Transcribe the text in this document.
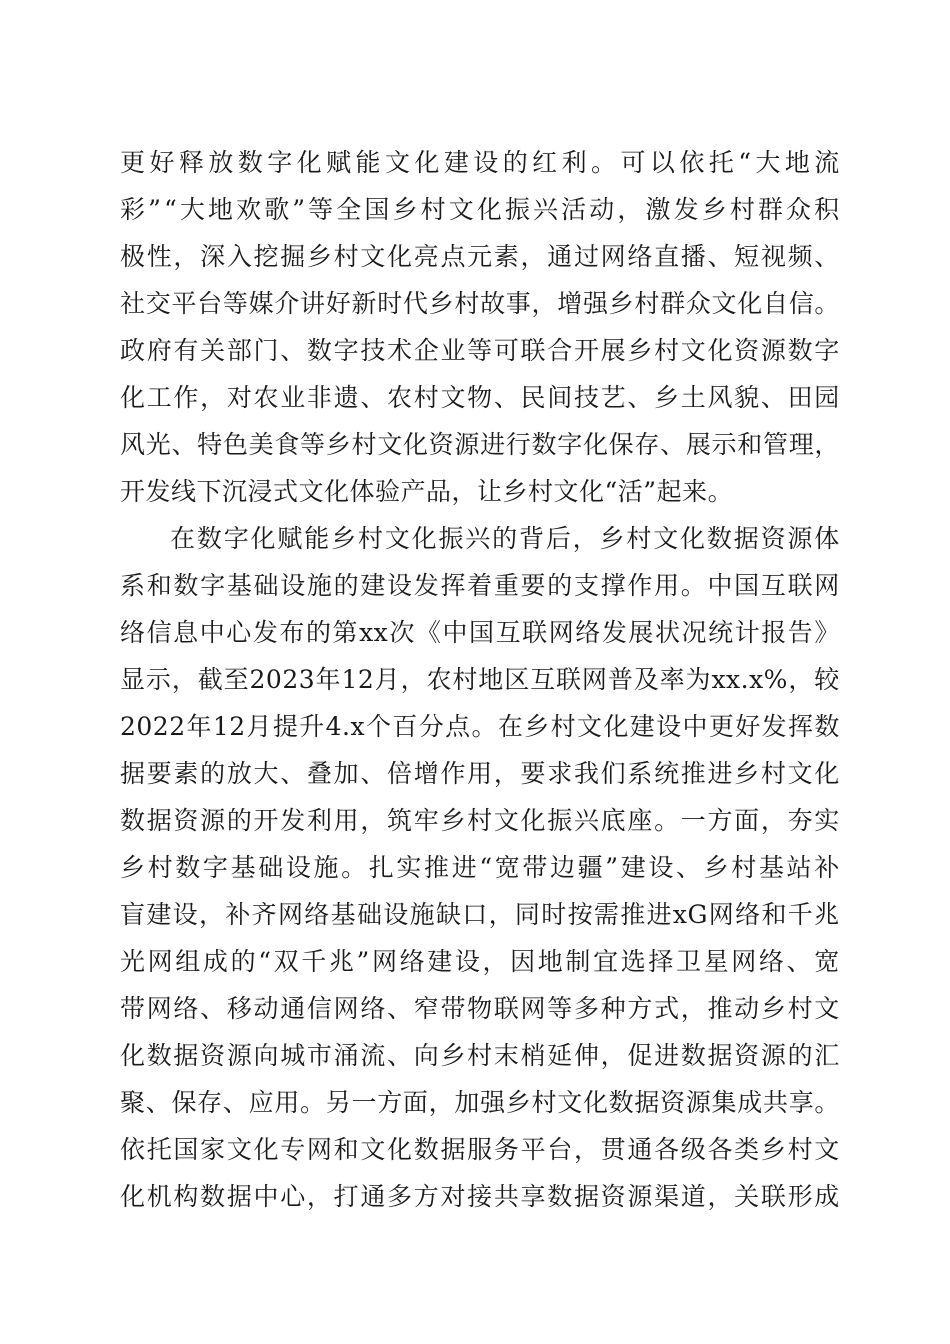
更 好 释 放 数 字 化 赋 能 文 化 建 设 的 红 利 。 可 以 依 托 “ 大 地 流
彩 ” “ 大 地 欢 歌 ” 等 全 国 乡 村 文 化 振 兴 活 动 ， 激 发 乡 村 群 众 积
极 性 ， 深 入 挖 掘 乡 村 文 化 亮 点 元 素 ， 通 过 网 络 直 播 、 短 视 频 、
社 交 平 台 等 媒 介 讲 好 新 时 代 乡 村 故 事 ， 增 强 乡 村 群 众 文 化 自 信 。
政 府 有 关 部 门 、 数 字 技 术 企 业 等 可 联 合 开 展 乡 村 文 化 资 源 数 字
化 工 作 ， 对 农 业 非 遗 、 农 村 文 物 、 民 间 技 艺 、 乡 土 风 貌 、 田 园
风 光 、 特 色 美 食 等 乡 村 文 化 资 源 进 行 数 字 化 保 存 、 展 示 和 管 理 ，
开发线下沉浸式文化体验产品，让乡村文化“活”起来。
在 数 字 化 赋 能 乡 村 文 化 振 兴 的 背 后 ， 乡 村 文 化 数 据 资 源 体
系 和 数 字 基 础 设 施 的 建 设 发 挥 着 重 要 的 支 撑 作 用 。 中 国 互 联 网
络 信 息 中 心 发 布 的 第 xx 次 《 中 国 互 联 网 络 发 展 状 况 统 计 报 告 》
显 示 ， 截 至 2023 年 12 月 ， 农 村 地 区 互 联 网 普 及 率 为 xx.x% ， 较
2022 年 12 月 提 升 4.x 个 百 分 点 。 在 乡 村 文 化 建 设 中 更 好 发 挥 数
据 要 素 的 放 大 、 叠 加 、 倍 增 作 用 ， 要 求 我 们 系 统 推 进 乡 村 文 化
数 据 资 源 的 开 发 利 用 ， 筑 牢 乡 村 文 化 振 兴 底 座 。 一 方 面 ， 夯 实
乡 村 数 字 基 础 设 施 。 扎 实 推 进 “ 宽 带 边 疆 ” 建 设 、 乡 村 基 站 补
盲 建 设 ， 补 齐 网 络 基 础 设 施 缺 口 ， 同 时 按 需 推 进 xG 网 络 和 千 兆
光 网 组 成 的 “ 双 千 兆 ” 网 络 建 设 ， 因 地 制 宜 选 择 卫 星 网 络 、 宽
带 网 络 、 移 动 通 信 网 络 、 窄 带 物 联 网 等 多 种 方 式 ， 推 动 乡 村 文
化 数 据 资 源 向 城 市 涌 流 、 向 乡 村 末 梢 延 伸 ， 促 进 数 据 资 源 的 汇
聚 、 保 存 、 应 用 。 另 一 方 面 ， 加 强 乡 村 文 化 数 据 资 源 集 成 共 享 。
依 托 国 家 文 化 专 网 和 文 化 数 据 服 务 平 台 ， 贯 通 各 级 各 类 乡 村 文
化 机 构 数 据 中 心 ， 打 通 多 方 对 接 共 享 数 据 资 源 渠 道 ， 关 联 形 成
